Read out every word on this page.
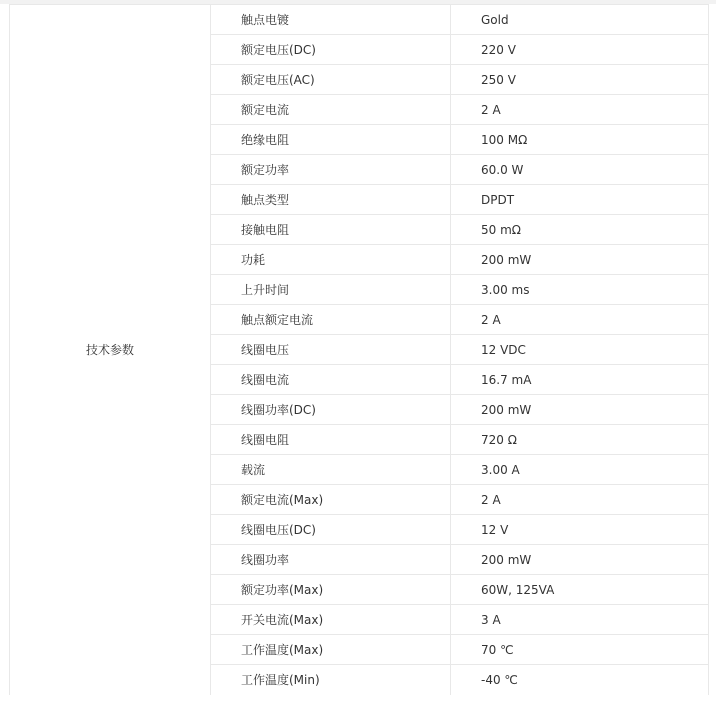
技术参数	触点电镀	Gold
	额定电压(DC)	220 V
	额定电压(AC)	250 V
	额定电流	2 A
	绝缘电阻	100 MΩ
	额定功率	60.0 W
	触点类型	DPDT
	接触电阻	50 mΩ
	功耗	200 mW
	上升时间	3.00 ms
	触点额定电流	2 A
	线圈电压	12 VDC
	线圈电流	16.7 mA
	线圈功率(DC)	200 mW
	线圈电阻	720 Ω
	载流	3.00 A
	额定电流(Max)	2 A
	线圈电压(DC)	12 V
	线圈功率	200 mW
	额定功率(Max)	60W, 125VA
	开关电流(Max)	3 A
	工作温度(Max)	70 ℃
	工作温度(Min)	-40 ℃
